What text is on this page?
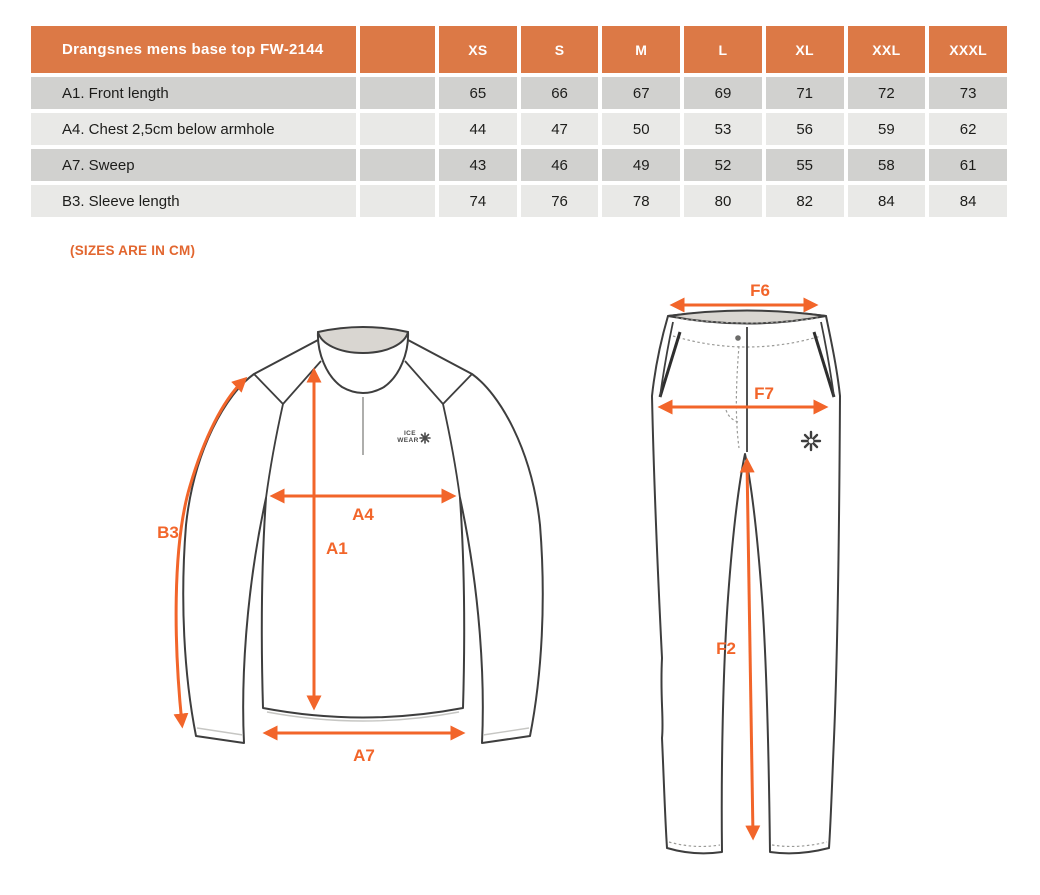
Drangsnes mens base top FW-2144		XS	S	M	L	XL	XXL	XXXL
A1. Front length		65	66	67	69	71	72	73
A4. Chest 2,5cm below armhole		44	47	50	53	56	59	62
A7. Sweep		43	46	49	52	55	58	61
B3. Sleeve length		74	76	78	80	82	84	84
(SIZES ARE IN CM)
ICE
WEAR
B3
A4
A1
A7
F6
F7
F2
